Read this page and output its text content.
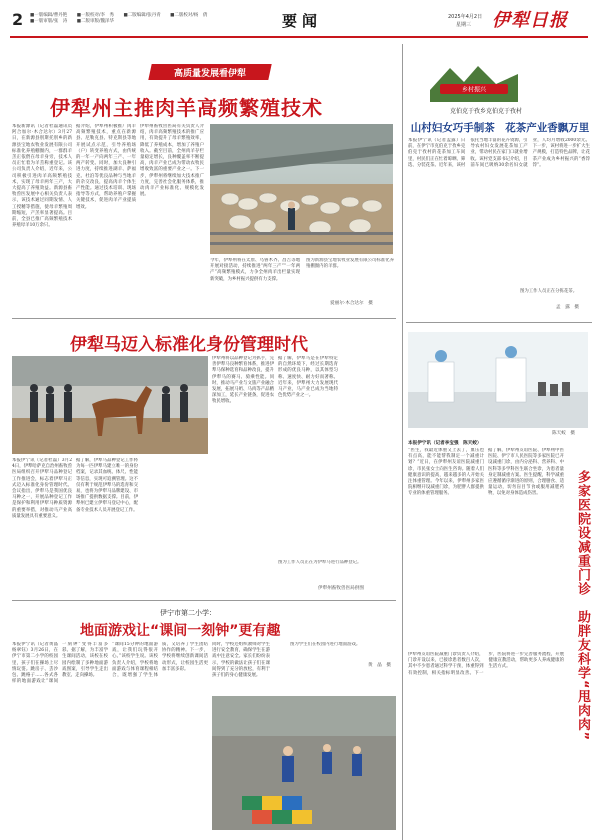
2 ■一版编辑/曹丹艳 ■一版校对/李　秀 ■二版编辑/张丹青 ■二版校对/杨　倩
■一版审版/张　涛 ■二版审版/魏泽华	要闻	2025年4月2日
星期三 伊犁日报
高质量发展看伊犁
伊犁州主推肉羊高频繁殖技术
本报新源讯（记者杜磊通讯员阿合加尔·木合达尔）3月27日，在新源县别斯托别乡的新源县宝地农牧业发展有限公司标准化养殖棚圈内，一群群羊羔正依偎在母羊身旁，技术人员正忙着为羊羔称重登记。该公司负责人介绍，近年来，公司积极引进肉羊高频繁殖技术，实现了母羊两年三产，大大提高了养殖效益。新源县畜牧兽医发展中心相关负责人表示，该技术通过同期发情、人工授精等措施，使母羊繁殖周期缩短，产羔率显著提高。目前，全县已推广高频繁殖技术养殖母羊10万余只。
据介绍，伊犁州积极推广肉羊高频繁殖技术，重点在新源县、尼勒克县、特克斯县等地开展试点示范，引导养殖场（户）转变养殖方式，由传统的一年一产向两年三产、一年两产转变。同时，加大良种引进力度，持续推进湖羊、萨福克、杜泊等优良品种与当地羊的杂交改良，提高肉羊个体生产性能。通过技术培训、现场指导等方式，帮助养殖户掌握关键技术，促进肉羊产业提质增效。
伊犁州畜牧兽医局有关负责人介绍，肉羊高频繁殖技术的推广应用，有效提升了母羊繁殖效率，降低了养殖成本，增加了养殖户收入。截至目前，全州肉羊存栏量稳定增长，良种覆盖率不断提高，肉羊产业已成为带动农牧民增收致富的重要产业之一。下一步，伊犁州将继续加大技术推广力度，完善社会化服务体系，推动肉羊产业标准化、规模化发展。
今年，伊犁州将在太原、乌鲁木齐、昌吉等地开展对接活动，持续推进“两年三产”“一年两产”高频繁殖模式，力争全州肉羊出栏量实现新突破，为乡村振兴提供有力支撑。
图为新源县宝地农牧业发展有限公司标准化养殖棚圈内的羊群。
爱丽尔·木合达尔　摄
乡村振兴
克伯克于孜乡克伯克于孜村
山村妇女巧手制茶　花茶产业香飘万里
本报伊宁讯（记者孟露）日前，在伊宁市克伯克于孜乡克伯克于孜村的花茶加工车间里，村民们正在忙着晾晒、筛选、分装花茶。近年来，该村依托当地丰富的花卉资源，引导农村妇女发展花茶加工产业，带动村民在家门口就业增收。该村党支部书记介绍，目前车间已吸纳30余名妇女就业，人均月增收2000余元。下一步，该村将进一步扩大生产规模，打造特色品牌，让花茶产业成为乡村振兴的“香饽饽”。
图为工作人员正在分拣花茶。
孟　露　摄
伊犁马迈入标准化身份管理时代
本报伊宁讯（记者杜磊）3月24日，伊犁哈萨克自治州畜牧兽医局组织召开伊犁马品种登记工作推进会，标志着伊犁马正式迈入标准化身份管理时代。会议指出，伊犁马是我国优良马种之一，开展品种登记工作是保护和利用伊犁马种质资源的重要举措，对推动马产业高质量发展具有重要意义。
据了解，伊犁马品种登记工作将为每一匹伊犁马建立唯一的身份档案，记录其血统、体尺、性能等信息，实现可追溯管理。这不仅有利于规范伊犁马的选育和交易，也将为伊犁马品牌建设、市场推广提供数据支撑。目前，伊犁州已建立伊犁马登记中心，配备专业技术人员开展登记工作。
伊犁州将以品种登记为抓手，完善伊犁马良种繁育体系，推进伊犁马保种选育和品种改良，提升伊犁马的赛马、骑乘性能。同时，推动马产业与文旅产业融合发展，拓展马奶、马肉等产品精深加工，延长产业链条，促进农牧民增收。
据了解，伊犁马是在伊犁特定的自然环境下，经过长期选育形成的优良马种，以其体型匀称、速度快、耐力好而著称。近年来，伊犁州大力发展现代马产业，马产业已成为当地特色优势产业之一。
图为工作人员正在为伊犁马进行品种登记。
伊犁州畜牧兽医局供图
陈天蛟　摄
本报伊宁讯（记者李宝强　陈天蛟）
“医生，我最近体重又上去了，血压也有点高，能不能帮我制定一个减重计划？”近日，在伊犁州友谊医院减重门诊，市民张女士向医生咨询。随着人们健康意识的提高，越来越多的人开始关注体重管理。今年以来，伊犁州多家医院相继开设减重门诊，为肥胖人群提供专业的体重管理服务。
据了解，伊犁州友谊医院、伊犁州中医医院、伊宁市人民医院等多家医院已开设减重门诊，由内分泌科、营养科、中医科等多学科医生联合坐诊，为患者量身定制减重方案。医生提醒，科学减重应遵循循序渐进的原则，合理膳食、适量运动，切勿盲目节食或服用减肥药物，以免对身体造成伤害。	多家医院设减重门诊　助胖友科学“甩肉肉”
伊犁州友谊医院减重门诊负责人介绍，门诊开设以来，已接诊患者数百人次，其中不少患者通过科学干预，体重得到有效控制，相关指标明显改善。下一步，医院将进一步完善服务流程，开展健康宣教活动，帮助更多人养成健康的生活方式。
伊宁市第二小学：
地面游戏让“课间一刻钟”更有趣
本报伊宁讯（记者黄晶　杨翠钰）3月26日，在伊宁市第二小学的校园里，孩子们在操场上尽情玩耍。跳房子、丢沙包、跳格子……各式各样的地面游戏让“课间一刻钟”变得丰富多彩。据了解，为丰富学生课间活动，该校在校园内绘制了多种地面游戏图案，引导学生走出教室、走向操场。
“课间15分钟的地面游戏，让我们玩得很开心。”该校学生说。该校负责人介绍，学校将地面游戏与体育课程相结合，既增强了学生体质，又培养了学生团结协作的精神。下一步，学校将继续创新课间活动形式，让校园生活更加丰富多彩。
同时，学校还组织教师对学生进行安全教育，确保学生在游戏中注意安全。家长们纷纷表示，学校的做法让孩子们在课间得到了充分的放松，有利于孩子们的身心健康发展。
图为学生们在校园内进行地面游戏。
黄　晶　摄
